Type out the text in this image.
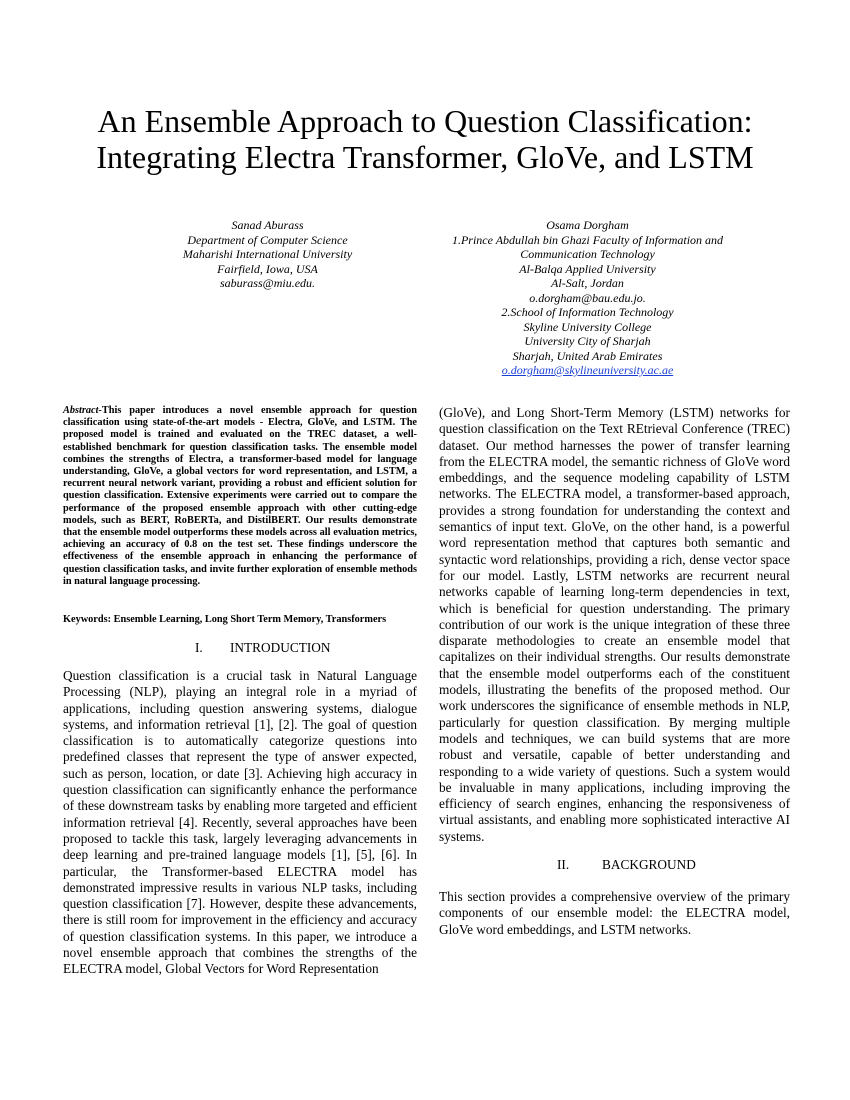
An Ensemble Approach to Question Classification: Integrating Electra Transformer, GloVe, and LSTM
Sanad Aburass
Department of Computer Science
Maharishi International University
Fairfield, Iowa, USA
saburass@miu.edu.
Osama Dorgham
1.Prince Abdullah bin Ghazi Faculty of Information and
Communication Technology
Al-Balqa Applied University
Al-Salt, Jordan
o.dorgham@bau.edu.jo.
2.School of Information Technology
Skyline University College
University City of Sharjah
Sharjah, United Arab Emirates
o.dorgham@skylineuniversity.ac.ae

Abstract-This paper introduces a novel ensemble approach for question classification using state-of-the-art models - Electra, GloVe, and LSTM. The proposed model is trained and evaluated on the TREC dataset, a well-established benchmark for question classification tasks. The ensemble model combines the strengths of Electra, a transformer-based model for language understanding, GloVe, a global vectors for word representation, and LSTM, a recurrent neural network variant, providing a robust and efficient solution for question classification. Extensive experiments were carried out to compare the performance of the proposed ensemble approach with other cutting-edge models, such as BERT, RoBERTa, and DistilBERT. Our results demonstrate that the ensemble model outperforms these models across all evaluation metrics, achieving an accuracy of 0.8 on the test set. These findings underscore the effectiveness of the ensemble approach in enhancing the performance of question classification tasks, and invite further exploration of ensemble methods in natural language processing.

Keywords: Ensemble Learning, Long Short Term Memory, Transformers

I. INTRODUCTION

Question classification is a crucial task in Natural Language Processing (NLP), playing an integral role in a myriad of applications, including question answering systems, dialogue systems, and information retrieval [1], [2]. The goal of question classification is to automatically categorize questions into predefined classes that represent the type of answer expected, such as person, location, or date [3]. Achieving high accuracy in question classification can significantly enhance the performance of these downstream tasks by enabling more targeted and efficient information retrieval [4]. Recently, several approaches have been proposed to tackle this task, largely leveraging advancements in deep learning and pre-trained language models [1], [5], [6]. In particular, the Transformer-based ELECTRA model has demonstrated impressive results in various NLP tasks, including question classification [7]. However, despite these advancements, there is still room for improvement in the efficiency and accuracy of question classification systems. In this paper, we introduce a novel ensemble approach that combines the strengths of the ELECTRA model, Global Vectors for Word Representation

(GloVe), and Long Short-Term Memory (LSTM) networks for question classification on the Text REtrieval Conference (TREC) dataset. Our method harnesses the power of transfer learning from the ELECTRA model, the semantic richness of GloVe word embeddings, and the sequence modeling capability of LSTM networks. The ELECTRA model, a transformer-based approach, provides a strong foundation for understanding the context and semantics of input text. GloVe, on the other hand, is a powerful word representation method that captures both semantic and syntactic word relationships, providing a rich, dense vector space for our model. Lastly, LSTM networks are recurrent neural networks capable of learning long-term dependencies in text, which is beneficial for question understanding. The primary contribution of our work is the unique integration of these three disparate methodologies to create an ensemble model that capitalizes on their individual strengths. Our results demonstrate that the ensemble model outperforms each of the constituent models, illustrating the benefits of the proposed method. Our work underscores the significance of ensemble methods in NLP, particularly for question classification. By merging multiple models and techniques, we can build systems that are more robust and versatile, capable of better understanding and responding to a wide variety of questions. Such a system would be invaluable in many applications, including improving the efficiency of search engines, enhancing the responsiveness of virtual assistants, and enabling more sophisticated interactive AI systems.

II. BACKGROUND

This section provides a comprehensive overview of the primary components of our ensemble model: the ELECTRA model, GloVe word embeddings, and LSTM networks.
